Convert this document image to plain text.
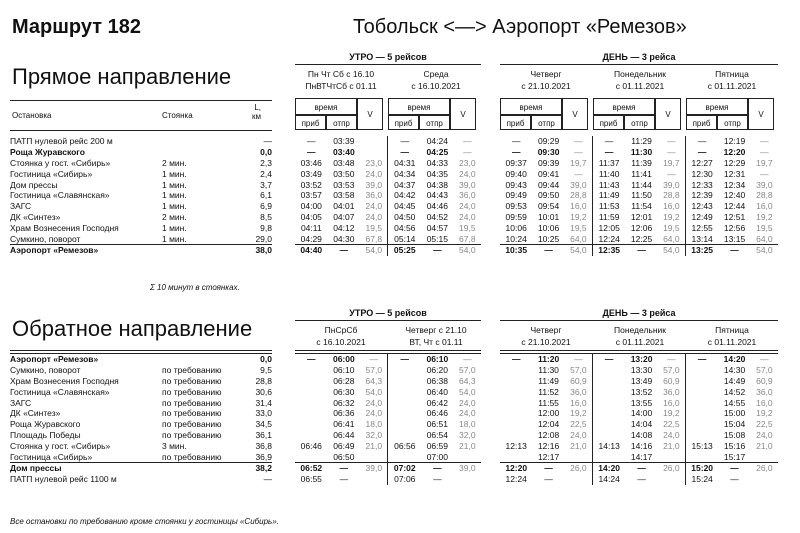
Маршрут 182	Тобольск <—> Аэропорт «Ремезов»
Прямое направление
Остановка	Стоянка
L,
км
ПАТП нулевой рейс 200 м		—
Роща Журавского		0,0
Стоянка у гост. «Сибирь»	2 мин.	2,3
Гостиница «Сибирь»	1 мин.	2,4
Дом прессы	1 мин.	3,7
Гостиница «Славянская»	1 мин.	6,1
ЗАГС	1 мин.	6,9
ДК «Синтез»	2 мин.	8,5
Храм Вознесения Господня	1 мин.	9,8
Сумкино, поворот	1 мин.	29,0
Аэропорт «Ремезов»		38,0
Σ 10 минут в стоянках.
УТРО — 5 рейсов
Пн Чт Сб с 16.10
ПнВТЧтСб с 01.11
Среда
с 16.10.2021
время
приб	отпр
V
время
приб	отпр
V
—	03:39		—	04:24	—
—	03:40		—	04:25	—
03:46	03:48	23,0	04:31	04:33	23,0
03:49	03:50	24,0	04:34	04:35	24,0
03:52	03:53	39,0	04:37	04:38	39,0
03:57	03:58	36,0	04:42	04:43	36,0
04:00	04:01	24,0	04:45	04:46	24,0
04:05	04:07	24,0	04:50	04:52	24,0
04:11	04:12	19,5	04:56	04:57	19,5
04:29	04:30	67,8	05:14	05:15	67,8
04:40	—	54,0	05:25	—	54,0
ДЕНЬ — 3 рейса
Четверг
с 21.10.2021
Понедельник
с 01.11.2021
Пятница
с 01.11.2021
время
приб	отпр
V
время
приб	отпр
V
время
приб	отпр
V
—	09:29	—	—	11:29	—	—	12:19	—
—	09:30	—	—	11:30	—	—	12:20	—
09:37	09:39	19,7	11:37	11:39	19,7	12:27	12:29	19,7
09:40	09:41	—	11:40	11:41	—	12:30	12:31	—
09:43	09:44	39,0	11:43	11:44	39,0	12:33	12:34	39,0
09:49	09:50	28,8	11:49	11:50	28,8	12:39	12:40	28,8
09:53	09:54	16,0	11:53	11:54	16,0	12:43	12:44	16,0
09:59	10:01	19,2	11:59	12:01	19,2	12:49	12:51	19,2
10:06	10:06	19,5	12:05	12:06	19,5	12:55	12:56	19,5
10:24	10:25	64,0	12:24	12:25	64,0	13:14	13:15	64,0
10:35	—	54,0	12:35	—	54,0	13:25	—	54,0
Обратное направление
Аэропорт «Ремезов»		0,0
Сумкино, поворот	по требованию	9,5
Храм Вознесения Господня	по требованию	28,8
Гостиница «Славянская»	по требованию	30,6
ЗАГС	по требованию	31,4
ДК «Синтез»	по требованию	33,0
Роща Журавского	по требованию	34,5
Площадь Победы	по требованию	36,1
Стоянка у гост. «Сибирь»	3 мин.	36,8
Гостиница «Сибирь»	по требованию	36,9
Дом прессы		38,2
ПАТП нулевой рейс 1100 м		—
Все остановки по требованию кроме стоянки у гостиницы «Сибирь».
УТРО — 5 рейсов
ПнСрСб
с 16.10.2021
Четверг с 21.10
ВТ, Чт с 01.11
—	06:00	—	—	06:10	—
	06:10	57,0		06:20	57,0
	06:28	64,3		06:38	64,3
	06:30	54,0		06:40	54,0
	06:32	24,0		06:42	24,0
	06:36	24,0		06:46	24,0
	06:41	18,0		06:51	18,0
	06:44	32,0		06:54	32,0
06:46	06:49	21,0	06:56	06:59	21,0
	06:50			07:00	
06:52	—	39,0	07:02	—	39,0
06:55	—		07:06	—	
ДЕНЬ — 3 рейса
Четверг
с 21.10.2021
Понедельник
с 01.11.2021
Пятница
с 01.11.2021
—	11:20	—	—	13:20	—	—	14:20	—
	11:30	57,0		13:30	57,0		14:30	57,0
	11:49	60,9		13:49	60,9		14:49	60,9
	11:52	36,0		13:52	36,0		14:52	36,0
	11:55	16,0		13:55	16,0		14:55	16,0
	12:00	19,2		14:00	19,2		15:00	19,2
	12:04	22,5		14:04	22,5		15:04	22,5
	12:08	24,0		14:08	24,0		15:08	24,0
12:13	12:16	21,0	14:13	14:16	21,0	15:13	15:16	21,0
	12:17			14:17			15:17	
12:20	—	26,0	14:20	—	26,0	15:20	—	26,0
12:24	—		14:24	—		15:24	—	
